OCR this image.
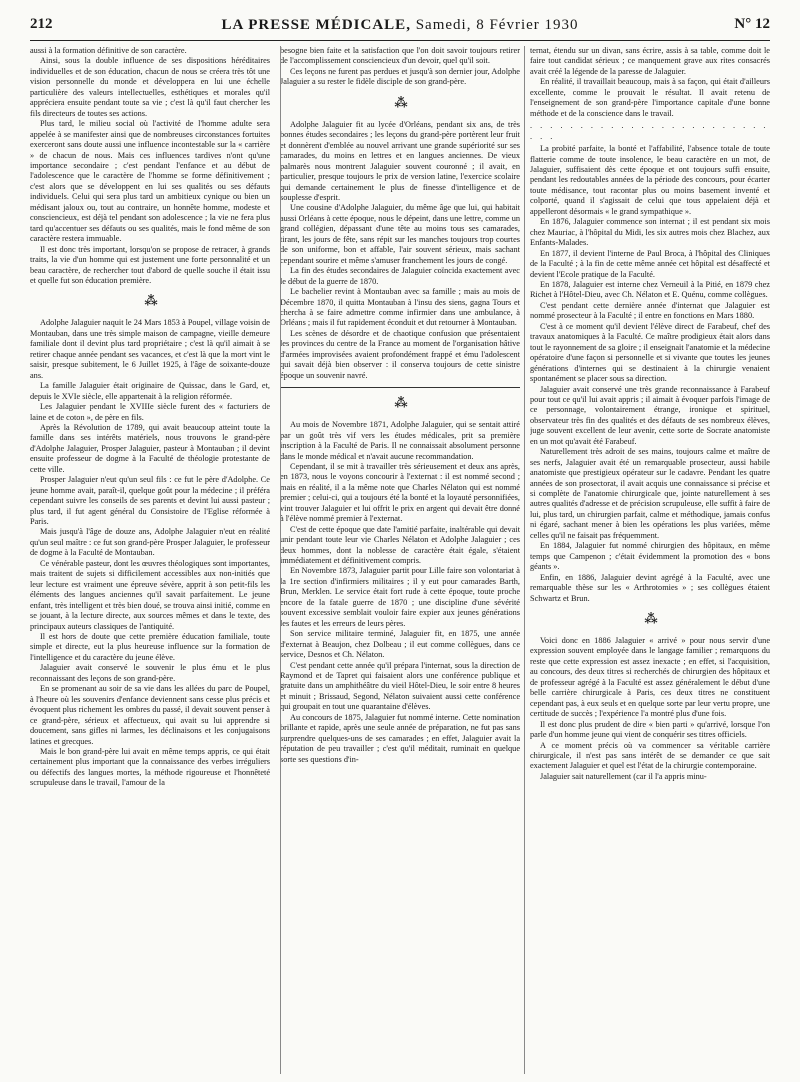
212	LA PRESSE MÉDICALE, Samedi, 8 Février 1930	N° 12

aussi à la formation définitive de son caractère.

Ainsi, sous la double influence de ses dispositions héréditaires individuelles et de son éducation, chacun de nous se créera très tôt une vision personnelle du monde et développera en lui une échelle particulière des valeurs intellectuelles, esthétiques et morales qu'il appréciera ensuite pendant toute sa vie ; c'est là qu'il faut chercher les fils directeurs de toutes ses actions.

Plus tard, le milieu social où l'activité de l'homme adulte sera appelée à se manifester ainsi que de nombreuses circonstances fortuites exerceront sans doute aussi une influence incontestable sur la « carrière » de chacun de nous. Mais ces influences tardives n'ont qu'une importance secondaire ; c'est pendant l'enfance et au début de l'adolescence que le caractère de l'homme se forme définitivement ; c'est alors que se développent en lui ses qualités ou ses défauts individuels. Celui qui sera plus tard un ambitieux cynique ou bien un médisant jaloux ou, tout au contraire, un honnête homme, modeste et consciencieux, est déjà tel pendant son adolescence ; la vie ne fera plus tard qu'accentuer ses défauts ou ses qualités, mais le fond même de son caractère restera immuable.

Il est donc très important, lorsqu'on se propose de retracer, à grands traits, la vie d'un homme qui est justement une forte personnalité et un beau caractère, de rechercher tout d'abord de quelle souche il était issu et quelle fut son éducation première.

⁂

Adolphe Jalaguier naquit le 24 Mars 1853 à Poupel, village voisin de Montauban, dans une très simple maison de campagne, vieille demeure familiale dont il devint plus tard propriétaire ; c'est là qu'il aimait à se retirer chaque année pendant ses vacances, et c'est là que la mort vint le saisir, presque subitement, le 6 Juillet 1925, à l'âge de soixante-douze ans.

La famille Jalaguier était originaire de Quissac, dans le Gard, et, depuis le XVIe siècle, elle appartenait à la religion réformée.

Les Jalaguier pendant le XVIIIe siècle furent des « facturiers de laine et de coton », de père en fils.

Après la Révolution de 1789, qui avait beaucoup atteint toute la famille dans ses intérêts matériels, nous trouvons le grand-père d'Adolphe Jalaguier, Prosper Jalaguier, pasteur à Montauban ; il devint ensuite professeur de dogme à la Faculté de théologie protestante de cette ville.

Prosper Jalaguier n'eut qu'un seul fils : ce fut le père d'Adolphe. Ce jeune homme avait, paraît-il, quelque goût pour la médecine ; il préféra cependant suivre les conseils de ses parents et devint lui aussi pasteur ; plus tard, il fut agent général du Consistoire de l'Eglise réformée à Paris.

Mais jusqu'à l'âge de douze ans, Adolphe Jalaguier n'eut en réalité qu'un seul maître : ce fut son grand-père Prosper Jalaguier, le professeur de dogme à la Faculté de Montauban.

Ce vénérable pasteur, dont les œuvres théologiques sont importantes, mais traitent de sujets si difficilement accessibles aux non-initiés que leur lecture est vraiment une épreuve sévère, apprit à son petit-fils les éléments des langues anciennes qu'il savait parfaitement. Le jeune enfant, très intelligent et très bien doué, se trouva ainsi initié, comme en se jouant, à la lecture directe, aux sources mêmes et dans le texte, des principaux auteurs classiques de l'antiquité.

Il est hors de doute que cette première éducation familiale, toute simple et directe, eut la plus heureuse influence sur la formation de l'intelligence et du caractère du jeune élève.

Jalaguier avait conservé le souvenir le plus ému et le plus reconnaissant des leçons de son grand-père.

En se promenant au soir de sa vie dans les allées du parc de Poupel, à l'heure où les souvenirs d'enfance deviennent sans cesse plus précis et évoquent plus richement les ombres du passé, il devait souvent penser à ce grand-père, sérieux et affectueux, qui avait su lui apprendre si doucement, sans gifles ni larmes, les déclinaisons et les conjugaisons latines et grecques.

Mais le bon grand-père lui avait en même temps appris, ce qui était certainement plus important que la connaissance des verbes irréguliers ou défectifs des langues mortes, la méthode rigoureuse et l'honnêteté scrupuleuse dans le travail, l'amour de la

besogne bien faite et la satisfaction que l'on doit savoir toujours retirer de l'accomplissement consciencieux d'un devoir, quel qu'il soit.

Ces leçons ne furent pas perdues et jusqu'à son dernier jour, Adolphe Jalaguier a su rester le fidèle disciple de son grand-père.

⁂

Adolphe Jalaguier fit au lycée d'Orléans, pendant six ans, de très bonnes études secondaires ; les leçons du grand-père portèrent leur fruit et donnèrent d'emblée au nouvel arrivant une grande supériorité sur ses camarades, du moins en lettres et en langues anciennes. De vieux palmarès nous montrent Jalaguier souvent couronné ; il avait, en particulier, presque toujours le prix de version latine, l'exercice scolaire qui demande certainement le plus de finesse d'intelligence et de souplesse d'esprit.

Une cousine d'Adolphe Jalaguier, du même âge que lui, qui habitait aussi Orléans à cette époque, nous le dépeint, dans une lettre, comme un grand collégien, dépassant d'une tête au moins tous ses camarades, tirant, les jours de fête, sans répit sur les manches toujours trop courtes de son uniforme, bon et affable, l'air souvent sérieux, mais sachant cependant sourire et même s'amuser franchement les jours de congé.

La fin des études secondaires de Jalaguier coïncida exactement avec le début de la guerre de 1870.

Le bachelier revint à Montauban avec sa famille ; mais au mois de Décembre 1870, il quitta Montauban à l'insu des siens, gagna Tours et chercha à se faire admettre comme infirmier dans une ambulance, à Orléans ; mais il fut rapidement éconduit et dut retourner à Montauban.

Les scènes de désordre et de chaotique confusion que présentaient les provinces du centre de la France au moment de l'organisation hâtive d'armées improvisées avaient profondément frappé et ému l'adolescent qui savait déjà bien observer : il conserva toujours de cette sinistre époque un souvenir navré.

⁂

Au mois de Novembre 1871, Adolphe Jalaguier, qui se sentait attiré par un goût très vif vers les études médicales, prit sa première inscription à la Faculté de Paris. Il ne connaissait absolument personne dans le monde médical et n'avait aucune recommandation.

Cependant, il se mit à travailler très sérieusement et deux ans après, en 1873, nous le voyons concourir à l'externat : il est nommé second ; mais en réalité, il a la même note que Charles Nélaton qui est nommé premier ; celui-ci, qui a toujours été la bonté et la loyauté personnifiées, vint trouver Jalaguier et lui offrit le prix en argent qui devait être donné à l'élève nommé premier à l'externat.

C'est de cette époque que date l'amitié parfaite, inaltérable qui devait unir pendant toute leur vie Charles Nélaton et Adolphe Jalaguier ; ces deux hommes, dont la noblesse de caractère était égale, s'étaient immédiatement et définitivement compris.

En Novembre 1873, Jalaguier partit pour Lille faire son volontariat à la 1re section d'infirmiers militaires ; il y eut pour camarades Barth, Brun, Merklen. Le service était fort rude à cette époque, toute proche encore de la fatale guerre de 1870 ; une discipline d'une sévérité souvent excessive semblait vouloir faire expier aux jeunes générations les fautes et les erreurs de leurs pères.

Son service militaire terminé, Jalaguier fit, en 1875, une année d'externat à Beaujon, chez Dolbeau ; il eut comme collègues, dans ce service, Desnos et Ch. Nélaton.

C'est pendant cette année qu'il prépara l'internat, sous la direction de Raymond et de Tapret qui faisaient alors une conférence publique et gratuite dans un amphithéâtre du vieil Hôtel-Dieu, le soir entre 8 heures et minuit ; Brissaud, Segond, Nélaton suivaient aussi cette conférence qui groupait en tout une quarantaine d'élèves.

Au concours de 1875, Jalaguier fut nommé interne. Cette nomination brillante et rapide, après une seule année de préparation, ne fut pas sans surprendre quelques-uns de ses camarades ; en effet, Jalaguier avait la réputation de peu travailler ; c'est qu'il méditait, ruminait en quelque sorte ses questions d'in-

ternat, étendu sur un divan, sans écrire, assis à sa table, comme doit le faire tout candidat sérieux ; ce manquement grave aux rites consacrés avait créé la légende de la paresse de Jalaguier.

En réalité, il travaillait beaucoup, mais à sa façon, qui était d'ailleurs excellente, comme le prouvait le résultat. Il avait retenu de l'enseignement de son grand-père l'importance capitale d'une bonne méthode et de la conscience dans le travail.

. . . . . . . . . . . . . . . . . . . . . . . . . . .

La probité parfaite, la bonté et l'affabilité, l'absence totale de toute flatterie comme de toute insolence, le beau caractère en un mot, de Jalaguier, suffisaient dès cette époque et ont toujours suffi ensuite, pendant les redoutables années de la période des concours, pour écarter toute médisance, tout racontar plus ou moins basement inventé et colporté, quand il s'agissait de celui que tous appelaient déjà et appelleront désormais « le grand sympathique ».

En 1876, Jalaguier commence son internat ; il est pendant six mois chez Mauriac, à l'hôpital du Midi, les six autres mois chez Blachez, aux Enfants-Malades.

En 1877, il devient l'interne de Paul Broca, à l'hôpital des Cliniques de la Faculté ; à la fin de cette même année cet hôpital est désaffecté et devient l'Ecole pratique de la Faculté.

En 1878, Jalaguier est interne chez Verneuil à la Pitié, en 1879 chez Richet à l'Hôtel-Dieu, avec Ch. Nélaton et E. Quénu, comme collègues.

C'est pendant cette dernière année d'internat que Jalaguier est nommé prosecteur à la Faculté ; il entre en fonctions en Mars 1880.

C'est à ce moment qu'il devient l'élève direct de Farabeuf, chef des travaux anatomiques à la Faculté. Ce maître prodigieux était alors dans tout le rayonnement de sa gloire ; il enseignait l'anatomie et la médecine opératoire d'une façon si personnelle et si vivante que toutes les jeunes générations d'internes qui se destinaient à la chirurgie venaient spontanément se placer sous sa direction.

Jalaguier avait conservé une très grande reconnaissance à Farabeuf pour tout ce qu'il lui avait appris ; il aimait à évoquer parfois l'image de ce personnage, volontairement étrange, ironique et spirituel, observateur très fin des qualités et des défauts de ses nombreux élèves, juge souvent excellent de leur avenir, cette sorte de Socrate anatomiste en un mot qu'avait été Farabeuf.

Naturellement très adroit de ses mains, toujours calme et maître de ses nerfs, Jalaguier avait été un remarquable prosecteur, aussi habile anatomiste que prestigieux opérateur sur le cadavre. Pendant les quatre années de son prosectorat, il avait acquis une connaissance si précise et si complète de l'anatomie chirurgicale que, jointe naturellement à ses autres qualités d'adresse et de précision scrupuleuse, elle suffit à faire de lui, plus tard, un chirurgien parfait, calme et méthodique, jamais confus ni égaré, sachant mener à bien les opérations les plus variées, même celles qu'il ne faisait pas fréquemment.

En 1884, Jalaguier fut nommé chirurgien des hôpitaux, en même temps que Campenon ; c'était évidemment la promotion des « bons géants ».

Enfin, en 1886, Jalaguier devint agrégé à la Faculté, avec une remarquable thèse sur les « Arthrotomies » ; ses collègues étaient Schwartz et Brun.

⁂

Voici donc en 1886 Jalaguier « arrivé » pour nous servir d'une expression souvent employée dans le langage familier ; remarquons du reste que cette expression est assez inexacte ; en effet, si l'acquisition, au concours, des deux titres si recherchés de chirurgien des hôpitaux et de professeur agrégé à la Faculté est assez généralement le début d'une belle carrière chirurgicale à Paris, ces deux titres ne constituent cependant pas, à eux seuls et en quelque sorte par leur vertu propre, une certitude de succès ; l'expérience l'a montré plus d'une fois.

Il est donc plus prudent de dire « bien parti » qu'arrivé, lorsque l'on parle d'un homme jeune qui vient de conquérir ses titres officiels.

A ce moment précis où va commencer sa véritable carrière chirurgicale, il n'est pas sans intérêt de se demander ce que sait exactement Jalaguier et quel est l'état de la chirurgie contemporaine.

Jalaguier sait naturellement (car il l'a appris minu-
